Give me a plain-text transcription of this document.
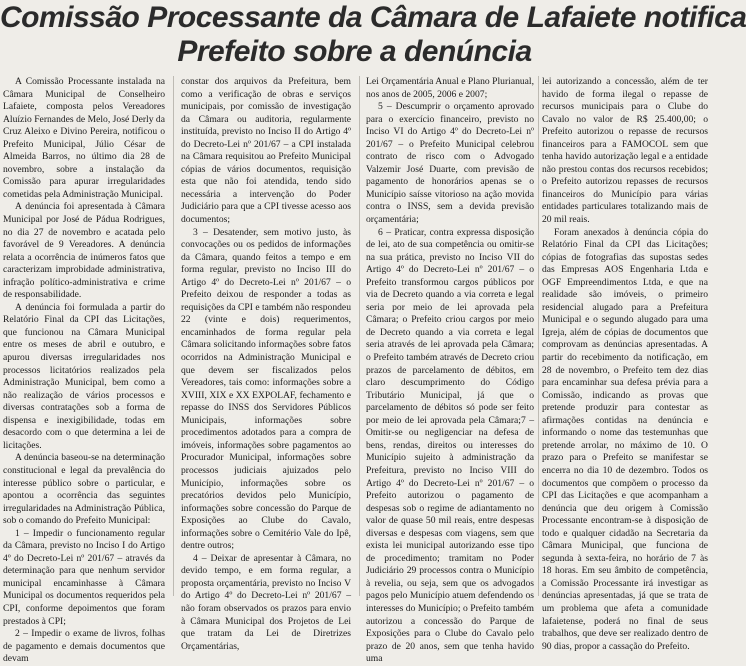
Comissão Processante da Câmara de Lafaiete notifica
Prefeito sobre a denúncia

A Comissão Processante instalada na Câmara Municipal de Conselheiro Lafaiete, composta pelos Vereadores Aluízio Fernandes de Melo, José Derly da Cruz Aleixo e Divino Pereira, notificou o Prefeito Municipal, Júlio César de Almeida Barros, no último dia 28 de novembro, sobre a instalação da Comissão para apurar irregularidades cometidas pela Administração Municipal.

A denúncia foi apresentada à Câmara Municipal por José de Pádua Rodrigues, no dia 27 de novembro e acatada pelo favorável de 9 Vereadores. A denúncia relata a ocorrência de inúmeros fatos que caracterizam improbidade administrativa, infração político-administrativa e crime de responsabilidade.

A denúncia foi formulada a partir do Relatório Final da CPI das Licitações, que funcionou na Câmara Municipal entre os meses de abril e outubro, e apurou diversas irregularidades nos processos licitatórios realizados pela Administração Municipal, bem como a não realização de vários processos e diversas contratações sob a forma de dispensa e inexigibilidade, todas em desacordo com o que determina a lei de licitações.

A denúncia baseou-se na determinação constitucional e legal da prevalência do interesse público sobre o particular, e apontou a ocorrência das seguintes irregularidades na Administração Pública, sob o comando do Prefeito Municipal:

1 – Impedir o funcionamento regular da Câmara, previsto no Inciso I do Artigo 4º do Decreto-Lei nº 201/67 – através da determinação para que nenhum servidor municipal encaminhasse à Câmara Municipal os documentos requeridos pela CPI, conforme depoimentos que foram prestados à CPI;

2 – Impedir o exame de livros, folhas de pagamento e demais documentos que devam

constar dos arquivos da Prefeitura, bem como a verificação de obras e serviços municipais, por comissão de investigação da Câmara ou auditoria, regularmente instituída, previsto no Inciso II do Artigo 4º do Decreto-Lei nº 201/67 – a CPI instalada na Câmara requisitou ao Prefeito Municipal cópias de vários documentos, requisição esta que não foi atendida, tendo sido necessária a intervenção do Poder Judiciário para que a CPI tivesse acesso aos documentos;

3 – Desatender, sem motivo justo, às convocações ou os pedidos de informações da Câmara, quando feitos a tempo e em forma regular, previsto no Inciso III do Artigo 4º do Decreto-Lei nº 201/67 – o Prefeito deixou de responder a todas as requisições da CPI e também não respondeu 22 (vinte e dois) requerimentos, encaminhados de forma regular pela Câmara solicitando informações sobre fatos ocorridos na Administração Municipal e que devem ser fiscalizados pelos Vereadores, tais como: informações sobre a XVIII, XIX e XX EXPOLAF, fechamento e repasse do INSS dos Servidores Públicos Municipais, informações sobre procedimentos adotados para a compra de imóveis, informações sobre pagamentos ao Procurador Municipal, informações sobre processos judiciais ajuizados pelo Município, informações sobre os precatórios devidos pelo Município, informações sobre concessão do Parque de Exposições ao Clube do Cavalo, informações sobre o Cemitério Vale do Ipê, dentre outros;

4 – Deixar de apresentar à Câmara, no devido tempo, e em forma regular, a proposta orçamentária, previsto no Inciso V do Artigo 4º do Decreto-Lei nº 201/67 – não foram observados os prazos para envio à Câmara Municipal dos Projetos de Lei que tratam da Lei de Diretrizes Orçamentárias,

Lei Orçamentária Anual e Plano Plurianual, nos anos de 2005, 2006 e 2007;

5 – Descumprir o orçamento aprovado para o exercício financeiro, previsto no Inciso VI do Artigo 4º do Decreto-Lei nº 201/67 – o Prefeito Municipal celebrou contrato de risco com o Advogado Valzemir José Duarte, com previsão de pagamento de honorários apenas se o Município saísse vitorioso na ação movida contra o INSS, sem a devida previsão orçamentária;

6 – Praticar, contra expressa disposição de lei, ato de sua competência ou omitir-se na sua prática, previsto no Inciso VII do Artigo 4º do Decreto-Lei nº 201/67 – o Prefeito transformou cargos públicos por via de Decreto quando a via correta e legal seria por meio de lei aprovada pela Câmara; o Prefeito criou cargos por meio de Decreto quando a via correta e legal seria através de lei aprovada pela Câmara; o Prefeito também através de Decreto criou prazos de parcelamento de débitos, em claro descumprimento do Código Tributário Municipal, já que o parcelamento de débitos só pode ser feito por meio de lei aprovada pela Câmara;7 – Omitir-se ou negligenciar na defesa de bens, rendas, direitos ou interesses do Município sujeito à administração da Prefeitura, previsto no Inciso VIII do Artigo 4º do Decreto-Lei nº 201/67 – o Prefeito autorizou o pagamento de despesas sob o regime de adiantamento no valor de quase 50 mil reais, entre despesas diversas e despesas com viagens, sem que exista lei municipal autorizando esse tipo de procedimento; tramitam no Poder Judiciário 29 processos contra o Município à revelia, ou seja, sem que os advogados pagos pelo Município atuem defendendo os interesses do Município; o Prefeito também autorizou a concessão do Parque de Exposições para o Clube do Cavalo pelo prazo de 20 anos, sem que tenha havido uma

lei autorizando a concessão, além de ter havido de forma ilegal o repasse de recursos municipais para o Clube do Cavalo no valor de R$ 25.400,00; o Prefeito autorizou o repasse de recursos financeiros para a FAMOCOL sem que tenha havido autorização legal e a entidade não prestou contas dos recursos recebidos; o Prefeito autorizou repasses de recursos financeiros do Município para várias entidades particulares totalizando mais de 20 mil reais.

Foram anexados à denúncia cópia do Relatório Final da CPI das Licitações; cópias de fotografias das supostas sedes das Empresas AOS Engenharia Ltda e OGF Empreendimentos Ltda, e que na realidade são imóveis, o primeiro residencial alugado para a Prefeitura Municipal e o segundo alugado para uma Igreja, além de cópias de documentos que comprovam as denúncias apresentadas. A partir do recebimento da notificação, em 28 de novembro, o Prefeito tem dez dias para encaminhar sua defesa prévia para a Comissão, indicando as provas que pretende produzir para contestar as afirmações contidas na denúncia e informando o nome das testemunhas que pretende arrolar, no máximo de 10. O prazo para o Prefeito se manifestar se encerra no dia 10 de dezembro. Todos os documentos que compõem o processo da CPI das Licitações e que acompanham a denúncia que deu origem à Comissão Processante encontram-se à disposição de todo e qualquer cidadão na Secretaria da Câmara Municipal, que funciona de segunda à sexta-feira, no horário de 7 às 18 horas. Em seu âmbito de competência, a Comissão Processante irá investigar as denúncias apresentadas, já que se trata de um problema que afeta a comunidade lafaietense, poderá no final de seus trabalhos, que deve ser realizado dentro de 90 dias, propor a cassação do Prefeito.
